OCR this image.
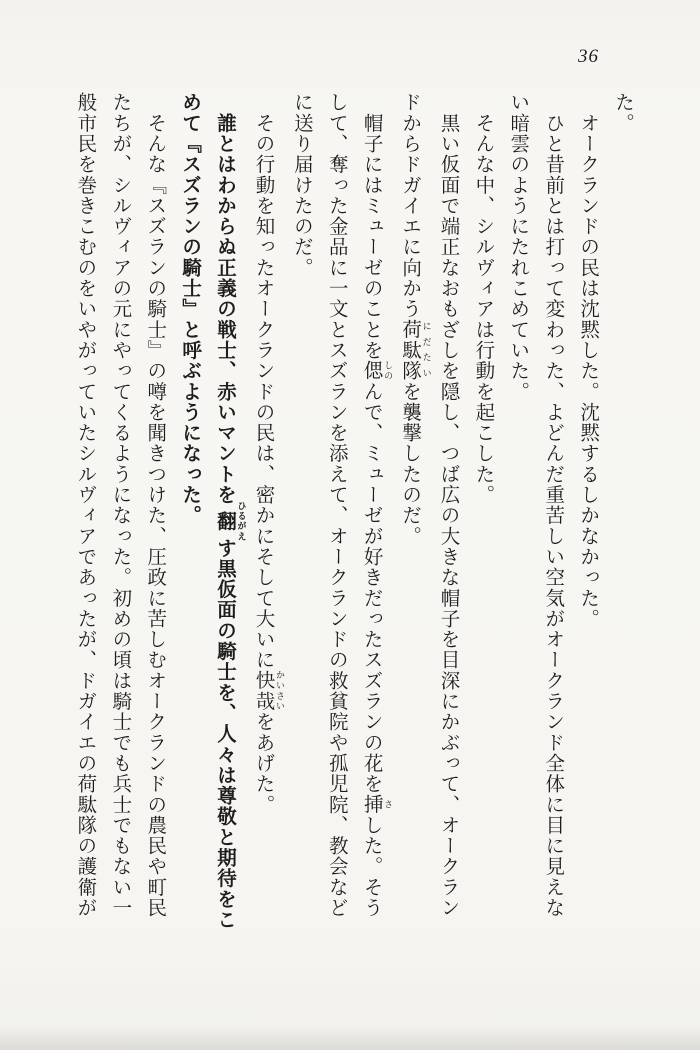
36
た。
　オークランドの民は沈黙した。沈黙するしかなかった。
　ひと昔前とは打って変わった、よどんだ重苦しい空気がオークランド全体に目に見えな
い暗雲のようにたれこめていた。
　そんな中、シルヴィアは行動を起こした。
　黒い仮面で端正なおもざしを隠し、つば広の大きな帽子を目深にかぶって、オークラン
ドからドガイエに向かう荷駄隊にだたいを襲撃したのだ。
　帽子にはミューゼのことを偲しのんで、ミューゼが好きだったスズランの花を挿さした。そう
して、奪った金品に一文とスズランを添えて、オークランドの救貧院や孤児院、教会など
に送り届けたのだ。
　その行動を知ったオークランドの民は、密かにそして大いに快哉かいさいをあげた。
　誰とはわからぬ正義の戦士、赤いマントを翻ひるがえす黒仮面の騎士を、人々は尊敬と期待をこ
めて『スズランの騎士』と呼ぶようになった。
　そんな『スズランの騎士』の噂を聞きつけた、圧政に苦しむオークランドの農民や町民
たちが、シルヴィアの元にやってくるようになった。初めの頃は騎士でも兵士でもない一
般市民を巻きこむのをいやがっていたシルヴィアであったが、ドガイエの荷駄隊の護衛が
